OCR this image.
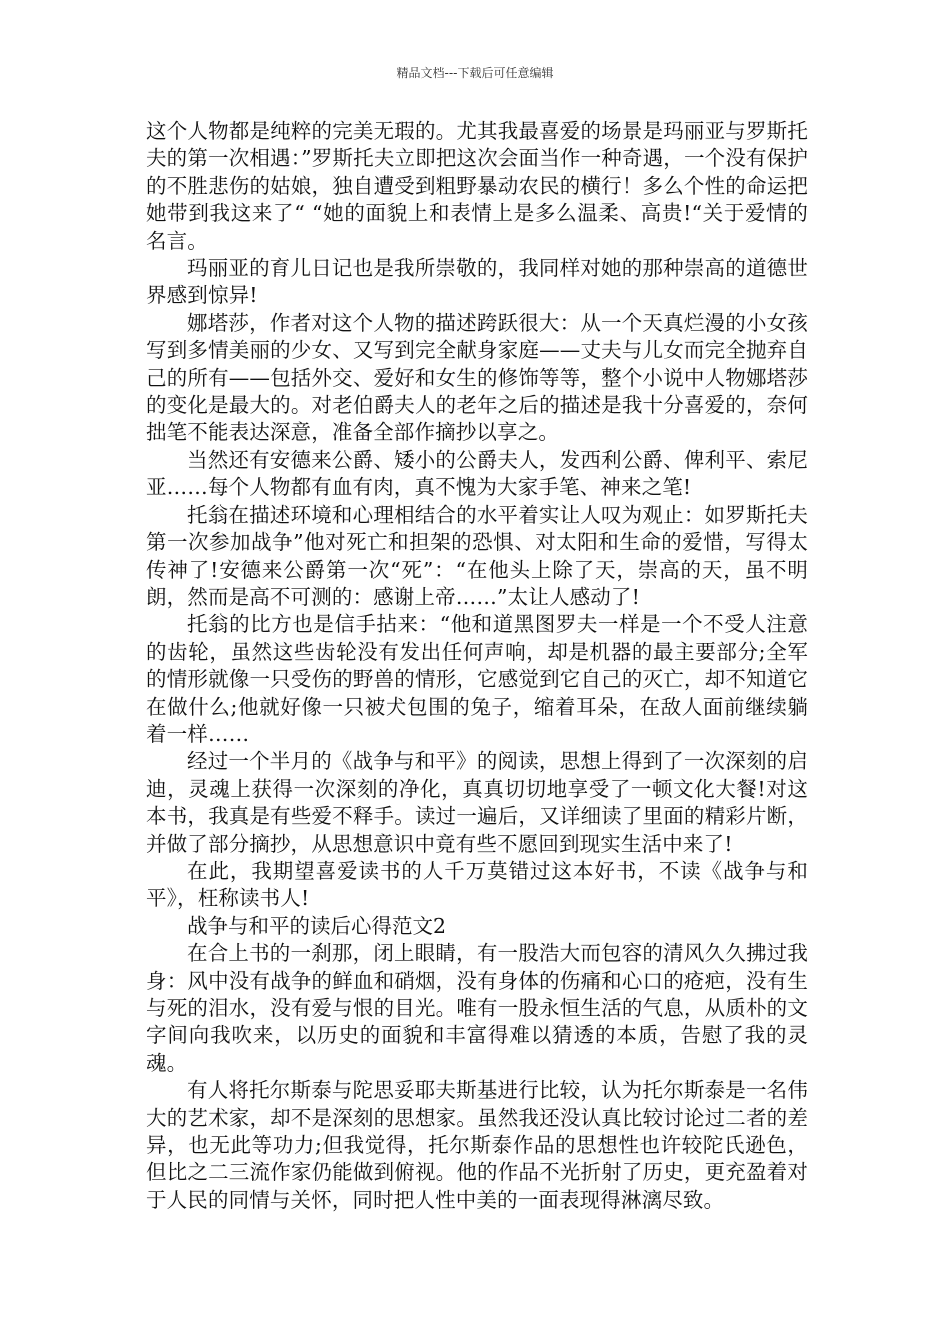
精品文档---下载后可任意编辑

这个人物都是纯粹的完美无瑕的。尤其我最喜爱的场景是玛丽亚与罗斯托夫的第一次相遇：”罗斯托夫立即把这次会面当作一种奇遇，一个没有保护的不胜悲伤的姑娘，独自遭受到粗野暴动农民的横行！多么个性的命运把她带到我这来了“ “她的面貌上和表情上是多么温柔、高贵!“关于爱情的名言。

玛丽亚的育儿日记也是我所崇敬的，我同样对她的那种崇高的道德世界感到惊异!

娜塔莎，作者对这个人物的描述跨跃很大：从一个天真烂漫的小女孩写到多情美丽的少女、又写到完全献身家庭——丈夫与儿女而完全抛弃自己的所有——包括外交、爱好和女生的修饰等等，整个小说中人物娜塔莎的变化是最大的。对老伯爵夫人的老年之后的描述是我十分喜爱的，奈何拙笔不能表达深意，准备全部作摘抄以享之。

当然还有安德来公爵、矮小的公爵夫人，发西利公爵、俾利平、索尼亚……每个人物都有血有肉，真不愧为大家手笔、神来之笔!

托翁在描述环境和心理相结合的水平着实让人叹为观止：如罗斯托夫第一次参加战争”他对死亡和担架的恐惧、对太阳和生命的爱惜，写得太传神了!安德来公爵第一次“死”：“在他头上除了天，崇高的天，虽不明朗，然而是高不可测的：感谢上帝……”太让人感动了!

托翁的比方也是信手拈来：“他和道黑图罗夫一样是一个不受人注意的齿轮，虽然这些齿轮没有发出任何声响，却是机器的最主要部分;全军的情形就像一只受伤的野兽的情形，它感觉到它自己的灭亡，却不知道它在做什么;他就好像一只被犬包围的兔子，缩着耳朵，在敌人面前继续躺着一样……

经过一个半月的《战争与和平》的阅读，思想上得到了一次深刻的启迪，灵魂上获得一次深刻的净化，真真切切地享受了一顿文化大餐!对这本书，我真是有些爱不释手。读过一遍后，又详细读了里面的精彩片断，并做了部分摘抄，从思想意识中竟有些不愿回到现实生活中来了!

在此，我期望喜爱读书的人千万莫错过这本好书，不读《战争与和平》，枉称读书人!

战争与和平的读后心得范文2

在合上书的一刹那，闭上眼睛，有一股浩大而包容的清风久久拂过我身：风中没有战争的鲜血和硝烟，没有身体的伤痛和心口的疮疤，没有生与死的泪水，没有爱与恨的目光。唯有一股永恒生活的气息，从质朴的文字间向我吹来，以历史的面貌和丰富得难以猜透的本质，告慰了我的灵魂。

有人将托尔斯泰与陀思妥耶夫斯基进行比较，认为托尔斯泰是一名伟大的艺术家，却不是深刻的思想家。虽然我还没认真比较讨论过二者的差异，也无此等功力;但我觉得，托尔斯泰作品的思想性也许较陀氏逊色，但比之二三流作家仍能做到俯视。他的作品不光折射了历史，更充盈着对于人民的同情与关怀，同时把人性中美的一面表现得淋漓尽致。
